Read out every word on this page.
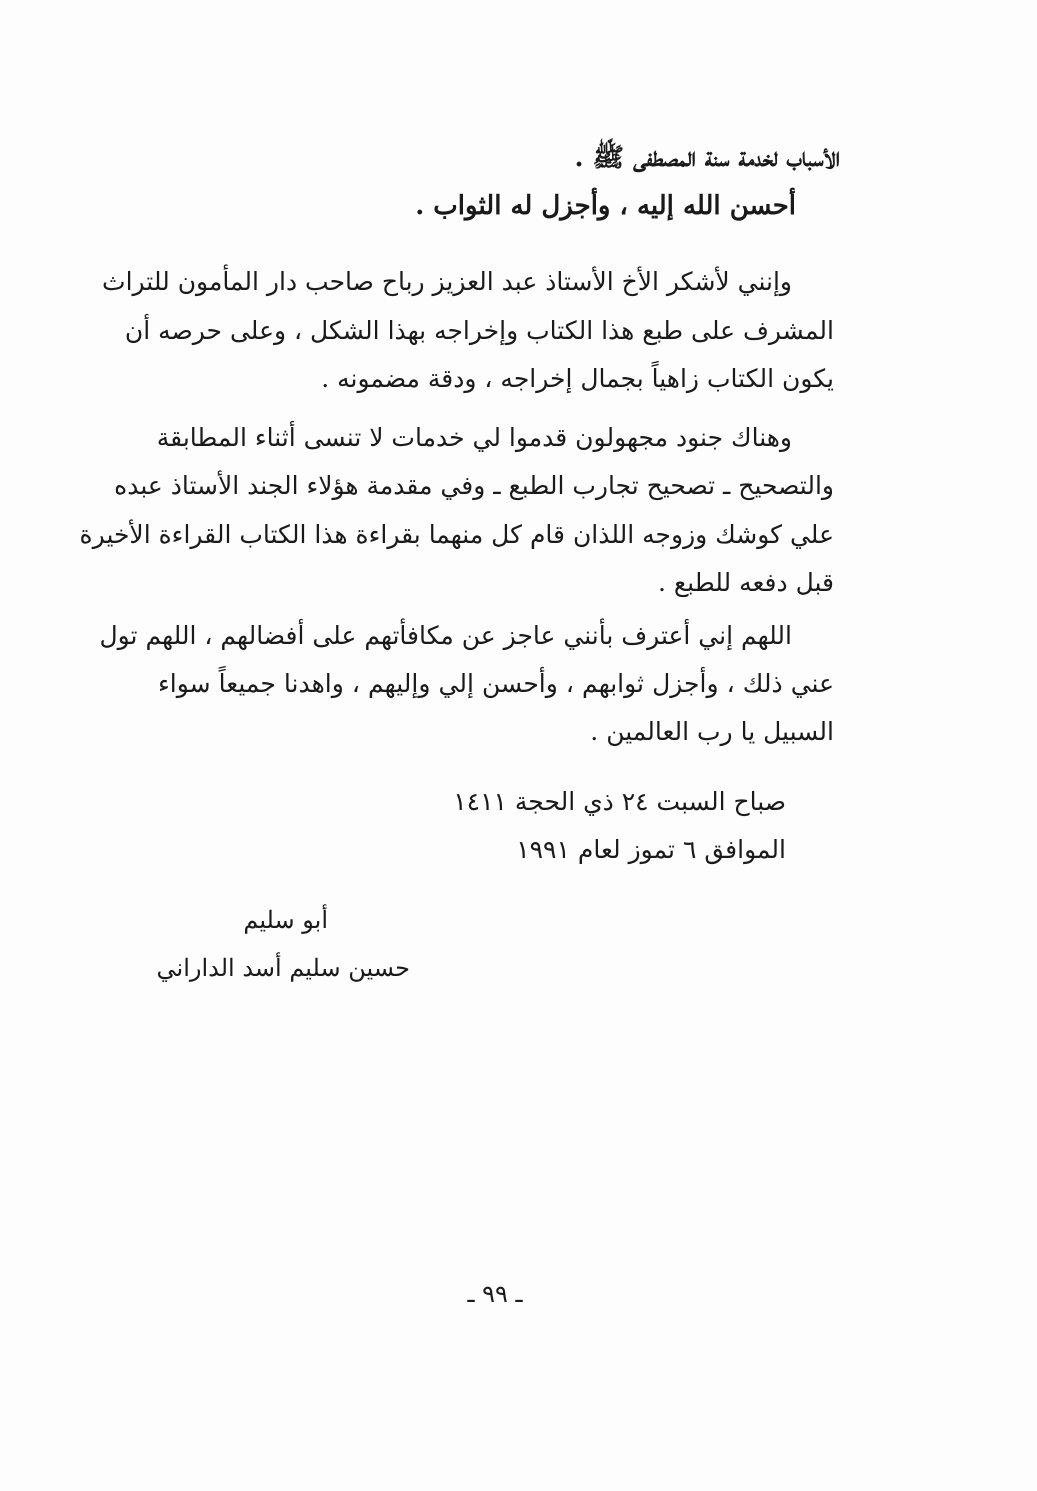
الأسباب لخدمة سنة المصطفى ﷺ .
أحسن الله إليه ، وأجزل له الثواب .
وإنني لأشكر الأخ الأستاذ عبد العزيز رباح صاحب دار المأمون للتراث
المشرف على طبع هذا الكتاب وإخراجه بهذا الشكل ، وعلى حرصه أن
يكون الكتاب زاهياً بجمال إخراجه ، ودقة مضمونه .
وهناك جنود مجهولون قدموا لي خدمات لا تنسى أثناء المطابقة
والتصحيح ـ تصحيح تجارب الطبع ـ وفي مقدمة هؤلاء الجند الأستاذ عبده
علي كوشك وزوجه اللذان قام كل منهما بقراءة هذا الكتاب القراءة الأخيرة
قبل دفعه للطبع .
اللهم إني أعترف بأنني عاجز عن مكافأتهم على أفضالهم ، اللهم تول
عني ذلك ، وأجزل ثوابهم ، وأحسن إلي وإليهم ، واهدنا جميعاً سواء
السبيل يا رب العالمين .
صباح السبت ٢٤ ذي الحجة ١٤١١
الموافق ٦ تموز لعام ١٩٩١
أبو سليم
حسين سليم أسد الداراني
ـ ٩٩ ـ
